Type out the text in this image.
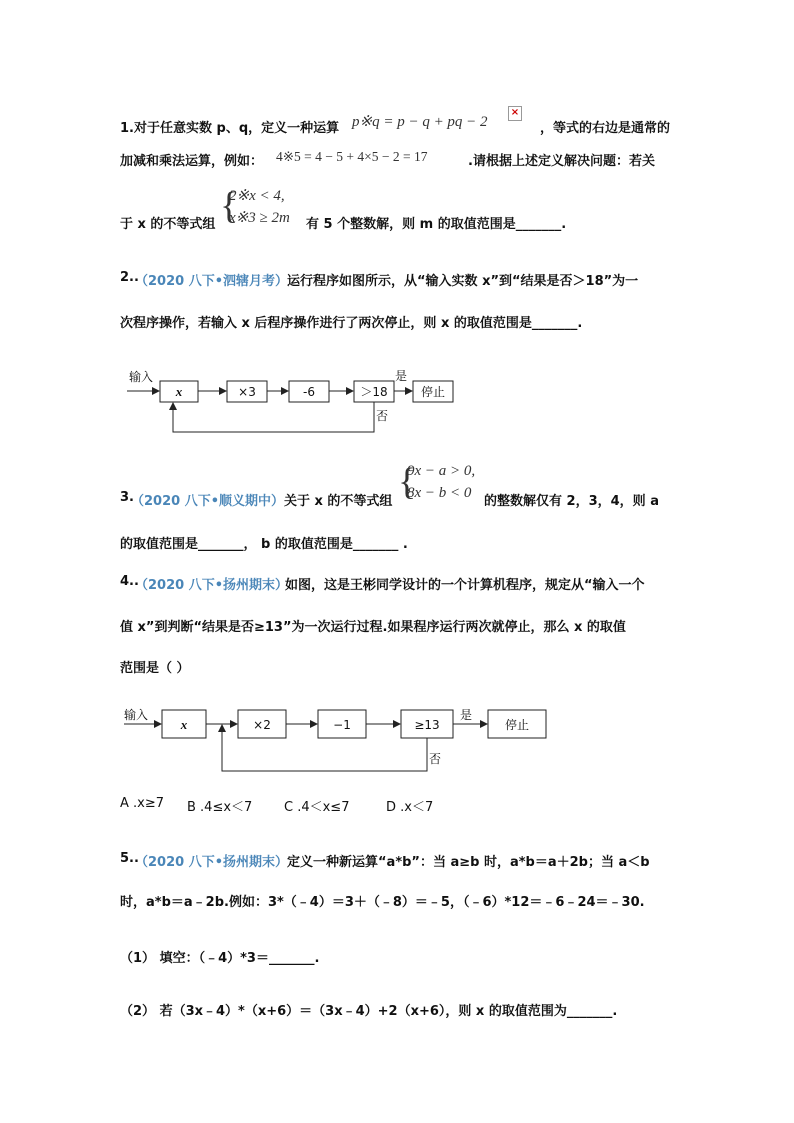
1.对于任意实数 p、q，定义一种运算 p※q = p − q + pq − 2
×
，等式的右边是通常的
加减和乘法运算，例如： 4※5 = 4 − 5 + 4×5 − 2 = 17	.请根据上述定义解决问题：若关
于 x 的不等式组 {
2※x < 4,
x※3 ≥ 2m 有 5 个整数解，则 m 的取值范围是_______.
2..
（2020 八下•泗辖月考）
运行程序如图所示，从“输入实数 x”到“结果是否＞18”为一
次程序操作，若输入 x 后程序操作进行了两次停止，则 x 的取值范围是_______.
输入
x	×3	-6	＞18
是
停止
否
3.
（2020 八下•顺义期中） 关于 x 的不等式组 {
9x − a > 0,
8x − b < 0
的整数解仅有 2，3，4，则 a
的取值范围是_______， b 的取值范围是_______ .
4..
（2020 八下•扬州期末）
如图，这是王彬同学设计的一个计算机程序，规定从“输入一个
值 x”到判断“结果是否≥13”为一次运行过程.如果程序运行两次就停止，那么 x 的取值
范围是（ ）
输入
x	×2	−1	≥13
是
停止
否
A .x≥7 B .4≤x＜7 C .4＜x≤7	D .x＜7
5..
（2020 八下•扬州期末）
定义一种新运算“a*b”：当 a≥b 时，a*b＝a＋2b；当 a＜b
时，a*b＝a﹣2b.例如：3*（﹣4）＝3＋（﹣8）＝﹣5，（﹣6）*12＝﹣6﹣24＝﹣30.
（1） 填空：（﹣4）*3＝_______.
（2） 若（3x﹣4）*（x+6）＝（3x﹣4）+2（x+6），则 x 的取值范围为_______.
